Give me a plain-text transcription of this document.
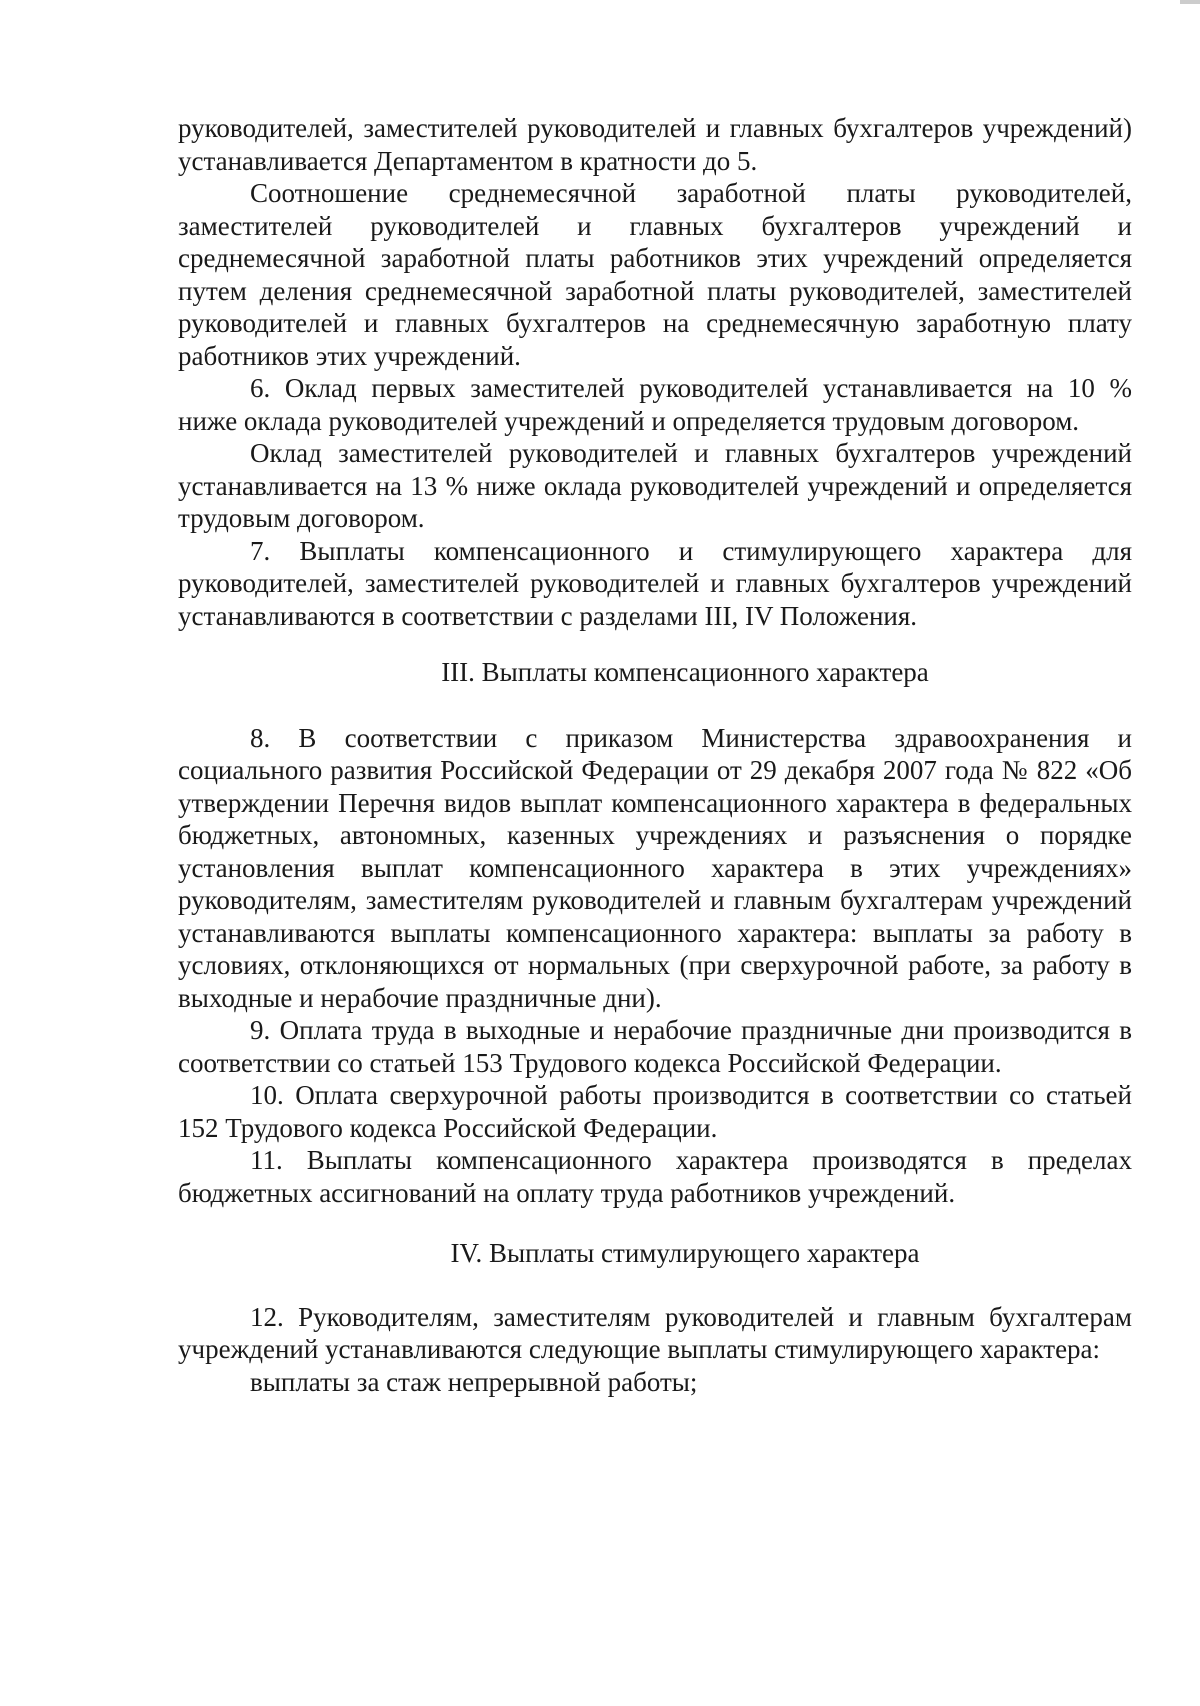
руководителей, заместителей руководителей и главных бухгалтеров учреждений) устанавливается Департаментом в кратности до 5.

Соотношение среднемесячной заработной платы руководителей, заместителей руководителей и главных бухгалтеров учреждений и среднемесячной заработной платы работников этих учреждений определяется путем деления среднемесячной заработной платы руководителей, заместителей руководителей и главных бухгалтеров на среднемесячную заработную плату работников этих учреждений.

6. Оклад первых заместителей руководителей устанавливается на 10 % ниже оклада руководителей учреждений и определяется трудовым договором.

Оклад заместителей руководителей и главных бухгалтеров учреждений устанавливается на 13 % ниже оклада руководителей учреждений и определяется трудовым договором.

7. Выплаты компенсационного и стимулирующего характера для руководителей, заместителей руководителей и главных бухгалтеров учреждений устанавливаются в соответствии с разделами III, IV Положения.

III. Выплаты компенсационного характера

8. В соответствии с приказом Министерства здравоохранения и социального развития Российской Федерации от 29 декабря 2007 года № 822 «Об утверждении Перечня видов выплат компенсационного характера в федеральных бюджетных, автономных, казенных учреждениях и разъяснения о порядке установления выплат компенсационного характера в этих учреждениях» руководителям, заместителям руководителей и главным бухгалтерам учреждений устанавливаются выплаты компенсационного характера: выплаты за работу в условиях, отклоняющихся от нормальных (при сверхурочной работе, за работу в выходные и нерабочие праздничные дни).

9. Оплата труда в выходные и нерабочие праздничные дни производится в соответствии со статьей 153 Трудового кодекса Российской Федерации.

10. Оплата сверхурочной работы производится в соответствии со статьей 152 Трудового кодекса Российской Федерации.

11. Выплаты компенсационного характера производятся в пределах бюджетных ассигнований на оплату труда работников учреждений.

IV. Выплаты стимулирующего характера

12. Руководителям, заместителям руководителей и главным бухгалтерам учреждений устанавливаются следующие выплаты стимулирующего характера:

выплаты за стаж непрерывной работы;
